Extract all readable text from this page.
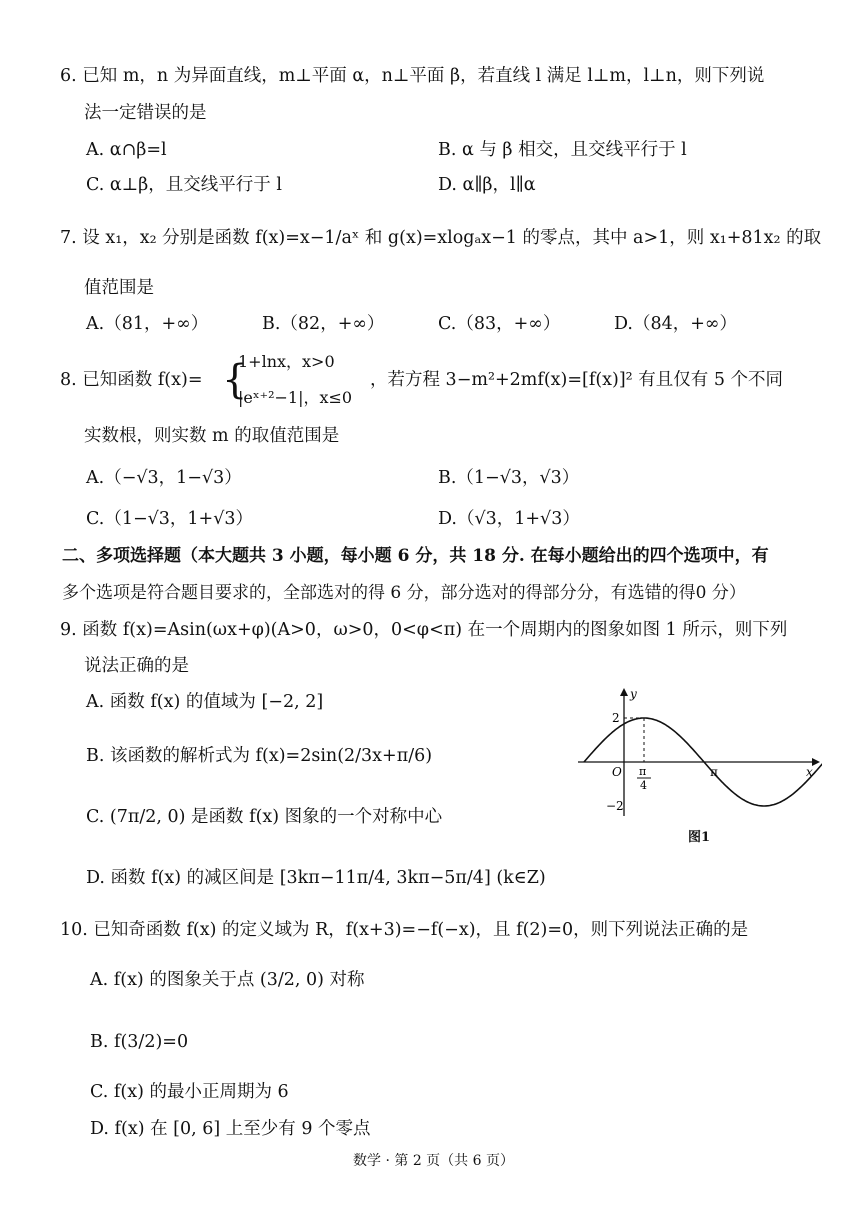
6. 已知 m，n 为异面直线，m⊥平面 α，n⊥平面 β，若直线 l 满足 l⊥m，l⊥n，则下列说
法一定错误的是
A. α∩β=l	B. α 与 β 相交，且交线平行于 l
C. α⊥β，且交线平行于 l	D. α∥β，l∥α
7. 设 x₁，x₂ 分别是函数 f(x)=x−1/aˣ 和 g(x)=xlogₐx−1 的零点，其中 a>1，则 x₁+81x₂ 的取
值范围是
A.（81，+∞）	B.（82，+∞）	C.（83，+∞）	D.（84，+∞）
8. 已知函数 f(x)= {
1+lnx，x>0
|eˣ⁺²−1|，x≤0
，若方程 3−m²+2mf(x)=[f(x)]² 有且仅有 5 个不同
实数根，则实数 m 的取值范围是
A.（−√3，1−√3）	B.（1−√3，√3）
C.（1−√3，1+√3）	D.（√3，1+√3）
二、多项选择题（本大题共 3 小题，每小题 6 分，共 18 分. 在每小题给出的四个选项中，有
多个选项是符合题目要求的，全部选对的得 6 分，部分选对的得部分分，有选错的得0 分）
9. 函数 f(x)=Asin(ωx+φ)(A>0，ω>0，0<φ<π) 在一个周期内的图象如图 1 所示，则下列
说法正确的是
A. 函数 f(x) 的值域为 [−2, 2]
B. 该函数的解析式为 f(x)=2sin(2/3x+π/6)
C. (7π/2, 0) 是函数 f(x) 图象的一个对称中心
D. 函数 f(x) 的减区间是 [3kπ−11π/4, 3kπ−5π/4] (k∈Z)
y
x
O
2
−2
π
4
π
图1
10. 已知奇函数 f(x) 的定义域为 R，f(x+3)=−f(−x)，且 f(2)=0，则下列说法正确的是
A. f(x) 的图象关于点 (3/2, 0) 对称
B. f(3/2)=0
C. f(x) 的最小正周期为 6
D. f(x) 在 [0, 6] 上至少有 9 个零点
数学 · 第 2 页（共 6 页）
